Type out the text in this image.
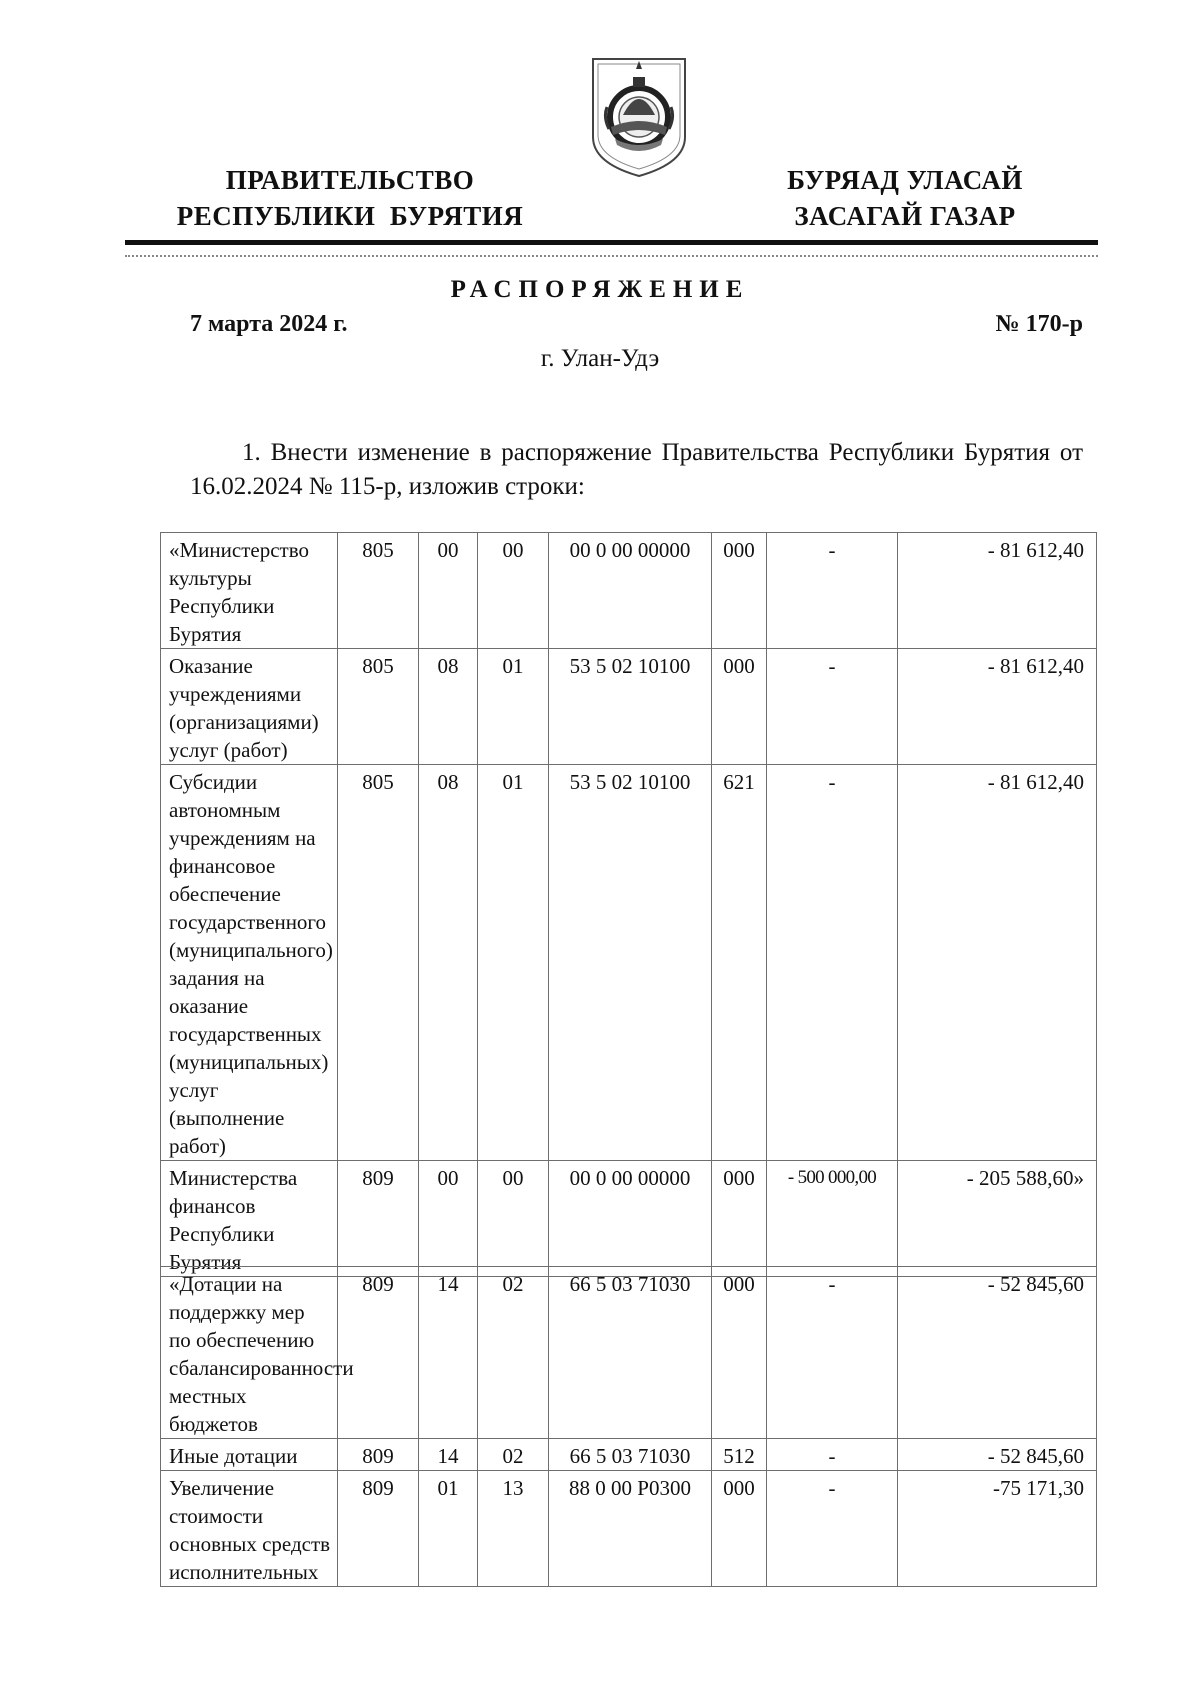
ПРАВИТЕЛЬСТВО
РЕСПУБЛИКИ  БУРЯТИЯ
БУРЯАД УЛАСАЙ
ЗАСАГАЙ ГАЗАР
РАСПОРЯЖЕНИЕ
7 марта 2024 г.	№ 170-р
г. Улан-Удэ
1. Внести изменение в распоряжение Правительства Республики Бурятия от 16.02.2024 № 115-р, изложив строки:
«Министерство культуры Республики Бурятия	805	00	00	00 0 00 00000	000	-	- 81 612,40
Оказание учреждениями (организациями) услуг (работ)	805	08	01	53 5 02 10100	000	-	- 81 612,40
Субсидии автономным учреждениям на финансовое обеспечение государственного (муниципального) задания на оказание государственных (муниципальных) услуг (выполнение работ)	805	08	01	53 5 02 10100	621	-	- 81 612,40
Министерства финансов Республики Бурятия	809	00	00	00 0 00 00000	000	- 500 000,00	- 205 588,60»
«Дотации на поддержку мер по обеспечению сбалансированности местных бюджетов	809	14	02	66 5 03 71030	000	-	- 52 845,60
Иные дотации	809	14	02	66 5 03 71030	512	-	- 52 845,60
Увеличение стоимости основных средств исполнительных	809	01	13	88 0 00 Р0300	000	-	-75 171,30
